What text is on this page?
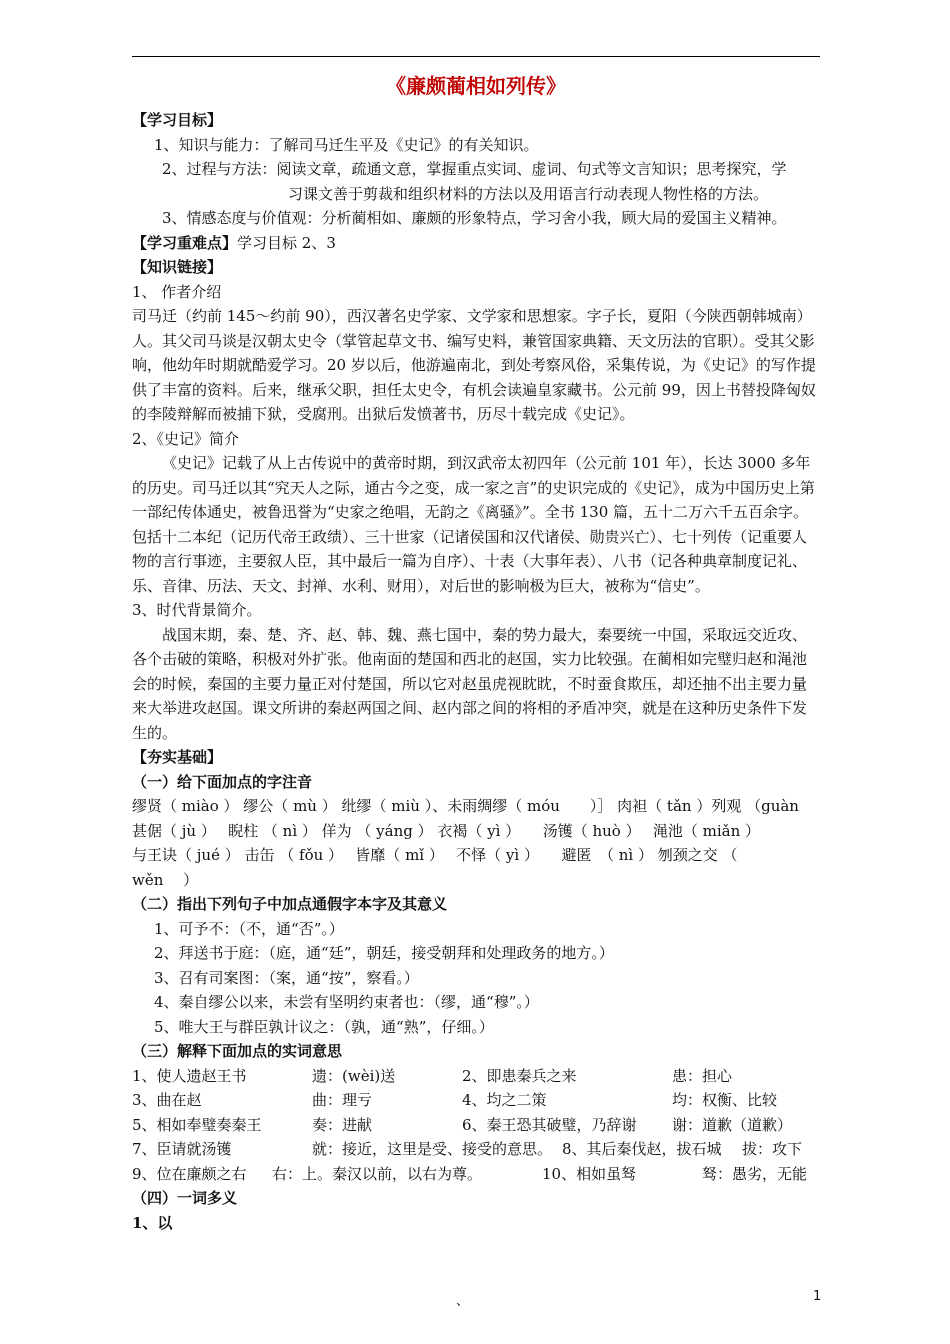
《廉颇蔺相如列传》

【学习目标】

1、知识与能力：了解司马迁生平及《史记》的有关知识。

2、过程与方法：阅读文章，疏通文意，掌握重点实词、虚词、句式等文言知识；思考探究，学

习课文善于剪裁和组织材料的方法以及用语言行动表现人物性格的方法。

3、情感态度与价值观：分析蔺相如、廉颇的形象特点，学习舍小我，顾大局的爱国主义精神。

【学习重难点】学习目标 2、3

【知识链接】

1、 作者介绍

司马迁（约前 145～约前 90），西汉著名史学家、文学家和思想家。字子长，夏阳（今陕西朝韩城南）人。其父司马谈是汉朝太史令（掌管起草文书、编写史料，兼管国家典籍、天文历法的官职）。受其父影响，他幼年时期就酷爱学习。20 岁以后，他游遍南北，到处考察风俗，采集传说，为《史记》的写作提供了丰富的资料。后来，继承父职，担任太史令，有机会读遍皇家藏书。公元前 99，因上书替投降匈奴的李陵辩解而被捕下狱，受腐刑。出狱后发愤著书，历尽十载完成《史记》。

2、《史记》简介

《史记》记载了从上古传说中的黄帝时期，到汉武帝太初四年（公元前 101 年），长达 3000 多年的历史。司马迁以其“究天人之际，通古今之变，成一家之言”的史识完成的《史记》，成为中国历史上第一部纪传体通史，被鲁迅誉为“史家之绝唱，无韵之《离骚》”。全书 130 篇，五十二万六千五百余字。包括十二本纪（记历代帝王政绩）、三十世家（记诸侯国和汉代诸侯、勋贵兴亡）、七十列传（记重要人物的言行事迹，主要叙人臣，其中最后一篇为自序）、十表（大事年表）、八书（记各种典章制度记礼、乐、音律、历法、天文、封禅、水利、财用），对后世的影响极为巨大，被称为“信史”。

3、时代背景简介。

战国末期，秦、楚、齐、赵、韩、魏、燕七国中，秦的势力最大，秦要统一中国，采取远交近攻、各个击破的策略，积极对外扩张。他南面的楚国和西北的赵国，实力比较强。在蔺相如完璧归赵和渑池会的时候，秦国的主要力量正对付楚国，所以它对赵虽虎视眈眈，不时蚕食欺压，却还抽不出主要力量来大举进攻赵国。课文所讲的秦赵两国之间、赵内部之间的将相的矛盾冲突，就是在这种历史条件下发生的。

【夯实基础】

（一）给下面加点的字注音

缪贤（ miào ） 缪公（ mù ） 纰缪（ miù ）、未雨绸缪（ móu　　）］ 肉袒（ tǎn ）列观 （guàn

甚倨（ jù ）　 睨柱 （ nì ） 佯为 （ yáng ） 衣褐（ yì ）　　汤镬（ huò ）　 渑池（ miǎn ）

与王诀（ jué ） 击缶 （ fǒu ）　 皆靡（ mǐ ）　 不怿（ yì ）　　避匿　（ nì ） 刎颈之交 （

wěn　 ）

（二）指出下列句子中加点通假字本字及其意义

1、可予不：（不，通“否”。）

2、拜送书于庭：（庭，通“廷”，朝廷，接受朝拜和处理政务的地方。）

3、召有司案图：（案，通“按”，察看。）

4、秦自缪公以来，未尝有坚明约束者也：（缪，通“穆”。）

5、唯大王与群臣孰计议之：（孰，通“熟”，仔细。）

（三）解释下面加点的实词意思

1、使人遗赵王书	遗：(wèi)送	2、即患秦兵之来	患：担心
3、曲在赵	曲：理亏	4、均之二策	均：权衡、比较
5、相如奉璧奏秦王	奏：进献	6、秦王恐其破璧，乃辞谢	谢：道歉（道歉）
7、臣请就汤镬	就：接近，这里是受、接受的意思。 8、其后秦伐赵，拔石城	拔：攻下
9、位在廉颇之右	右：上。秦汉以前，以右为尊。	10、相如虽驽	驽：愚劣，无能

（四）一词多义

1、以

、	1
